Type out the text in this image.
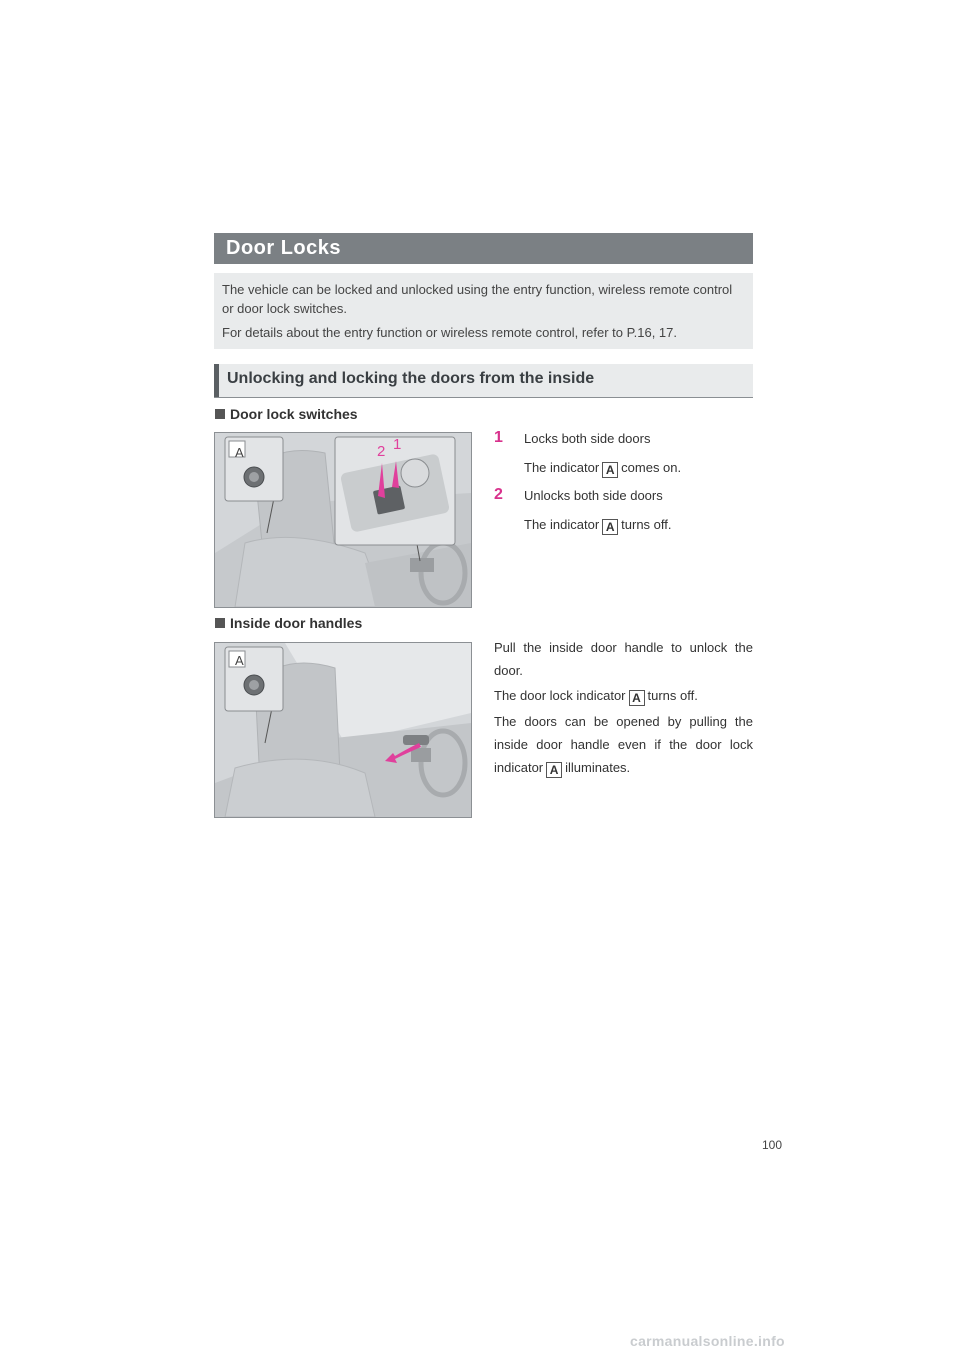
Door Locks
The vehicle can be locked and unlocked using the entry function, wireless remote control
or door lock switches.
For details about the entry function or wireless remote control, refer to P.16, 17.
Unlocking and locking the doors from the inside
Door lock switches
A	2 1	1 Locks both side doors
The indicator A comes on.
2 Unlocks both side doors
The indicator A turns off.
Inside door handles
A
Pull the inside door handle to unlock the door.
The door lock indicator A turns off.
The doors can be opened by pulling the inside door handle even if the door lock indicator A illuminates.
100
carmanualsonline.info
